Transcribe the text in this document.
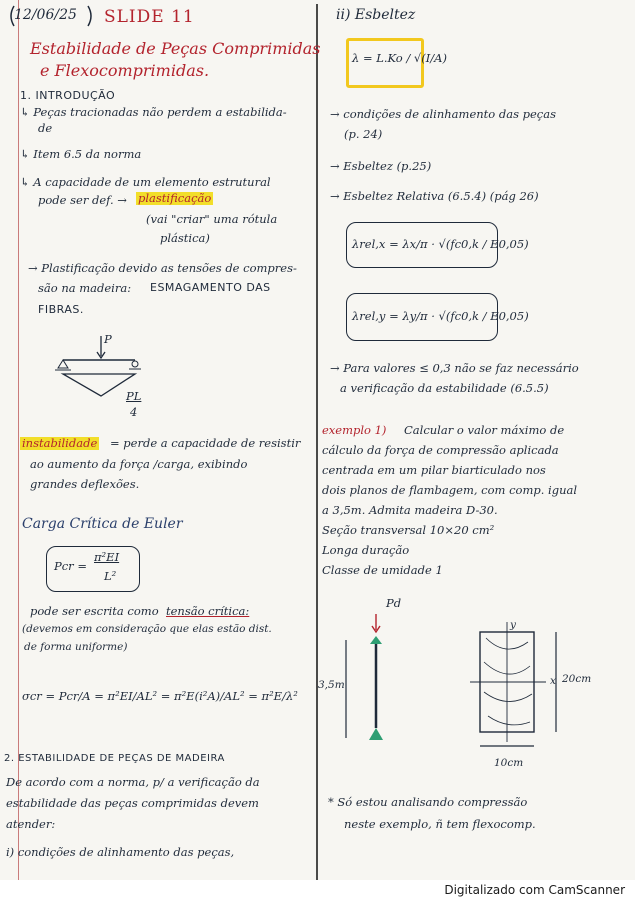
12/06/25 SLIDE 11
Estabilidade de Peças Comprimidas
e Flexocomprimidas.
1. INTRODUÇÃO
↳ Peças tracionadas não perdem a estabilida-
de
↳ Item 6.5 da norma
↳ A capacidade de um elemento estrutural
pode ser def. → plastificação
(vai "criar" uma rótula
plástica)
→ Plastificação devido as tensões de compres-
são na madeira: ESMAGAMENTO DAS
FIBRAS.
P
PL
4
instabilidade = perde a capacidade de resistir
ao aumento da força /carga, exibindo
grandes deflexões.
Carga Crítica de Euler
Pcr =
π²EI
L²
pode ser escrita como tensão crítica:
(devemos em consideração que elas estão dist.
de forma uniforme)
σcr = Pcr/A = π²EI/AL² = π²E(i²A)/AL² = π²E/λ²
2. ESTABILIDADE DE PEÇAS DE MADEIRA
De acordo com a norma, p/ a verificação da
estabilidade das peças comprimidas devem
atender:
i) condições de alinhamento das peças,
ii) Esbeltez
λ = L.Ko / √(I/A)
→ condições de alinhamento das peças
(p. 24)
→ Esbeltez (p.25)
→ Esbeltez Relativa (6.5.4) (pág 26)
λrel,x = λx/π · √(fc0,k / E0,05)
λrel,y = λy/π · √(fc0,k / E0,05)
→ Para valores ≤ 0,3 não se faz necessário
a verificação da estabilidade (6.5.5)
exemplo 1) Calcular o valor máximo de
cálculo da força de compressão aplicada
centrada em um pilar biarticulado nos
dois planos de flambagem, com comp. igual
a 3,5m. Admita madeira D-30.
Seção transversal 10×20 cm²
Longa duração
Classe de umidade 1
Pd
3,5m
y
x 20cm
10cm
* Só estou analisando compressão
neste exemplo, ñ tem flexocomp.
Digitalizado com CamScanner
